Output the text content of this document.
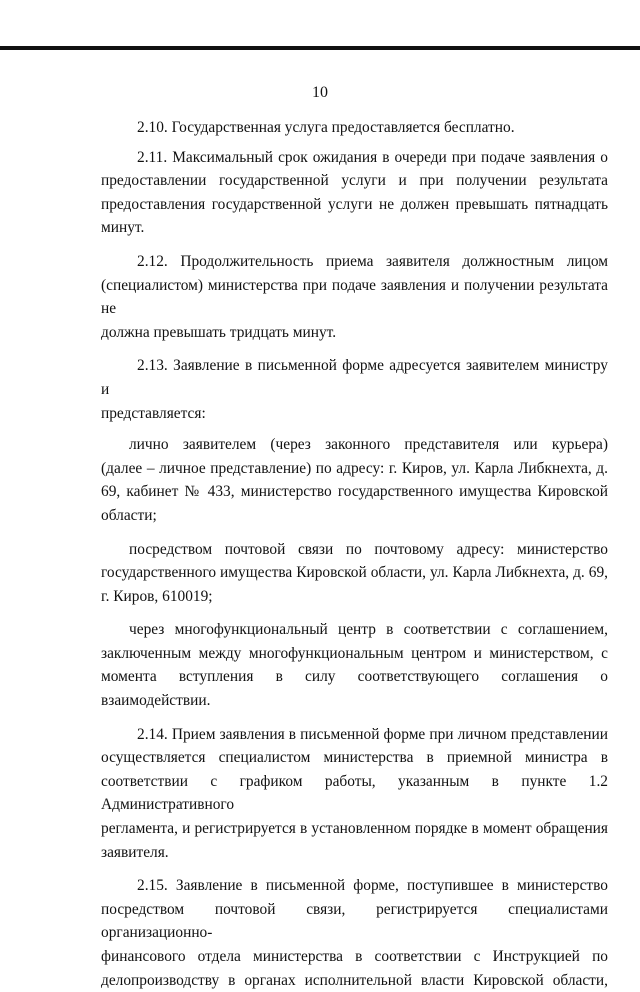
10

2.10. Государственная услуга предоставляется бесплатно.

2.11. Максимальный срок ожидания в очереди при подаче заявления о
предоставлении государственной услуги и при получении результата
предоставления государственной услуги не должен превышать пятнадцать
минут.

2.12. Продолжительность приема заявителя должностным лицом
(специалистом) министерства при подаче заявления и получении результата не
должна превышать тридцать минут.

2.13. Заявление в письменной форме адресуется заявителем министру и
представляется:

лично заявителем (через законного представителя или курьера)
(далее – личное представление) по адресу: г. Киров, ул. Карла Либкнехта, д.
69, кабинет № 433, министерство государственного имущества Кировской
области;

посредством почтовой связи по почтовому адресу: министерство
государственного имущества Кировской области, ул. Карла Либкнехта, д. 69,
г. Киров, 610019;

через многофункциональный центр в соответствии с соглашением,
заключенным между многофункциональным центром и министерством, с
момента вступления в силу соответствующего соглашения о взаимодействии.

2.14. Прием заявления в письменной форме при личном представлении
осуществляется специалистом министерства в приемной министра в
соответствии с графиком работы, указанным в пункте 1.2 Административного
регламента, и регистрируется в установленном порядке в момент обращения
заявителя.

2.15. Заявление в письменной форме, поступившее в министерство
посредством почтовой связи, регистрируется специалистами организационно-
финансового отдела министерства в соответствии с Инструкцией по
делопроизводству в органах исполнительной власти Кировской области,
